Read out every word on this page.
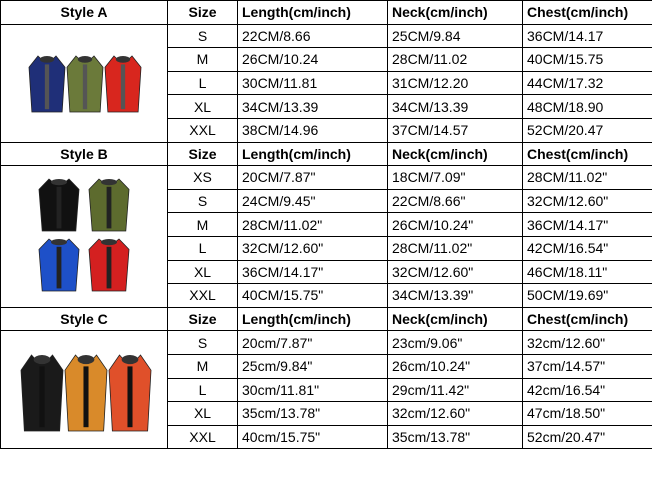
Style A	Size	Length(cm/inch)	Neck(cm/inch)	Chest(cm/inch)

	S	22CM/8.66	25CM/9.84	36CM/14.17
	M	26CM/10.24	28CM/11.02	40CM/15.75
	L	30CM/11.81	31CM/12.20	44CM/17.32
	XL	34CM/13.39	34CM/13.39	48CM/18.90
	XXL	38CM/14.96	37CM/14.57	52CM/20.47
Style B	Size	Length(cm/inch)	Neck(cm/inch)	Chest(cm/inch)

	XS	20CM/7.87"	18CM/7.09"	28CM/11.02"
	S	24CM/9.45"	22CM/8.66"	32CM/12.60"
	M	28CM/11.02"	26CM/10.24"	36CM/14.17"
	L	32CM/12.60"	28CM/11.02"	42CM/16.54"
	XL	36CM/14.17"	32CM/12.60"	46CM/18.11"
	XXL	40CM/15.75"	34CM/13.39"	50CM/19.69"
Style C	Size	Length(cm/inch)	Neck(cm/inch)	Chest(cm/inch)

	S	20cm/7.87"	23cm/9.06"	32cm/12.60"
	M	25cm/9.84"	26cm/10.24"	37cm/14.57"
	L	30cm/11.81"	29cm/11.42"	42cm/16.54"
	XL	35cm/13.78"	32cm/12.60"	47cm/18.50"
	XXL	40cm/15.75"	35cm/13.78"	52cm/20.47"
